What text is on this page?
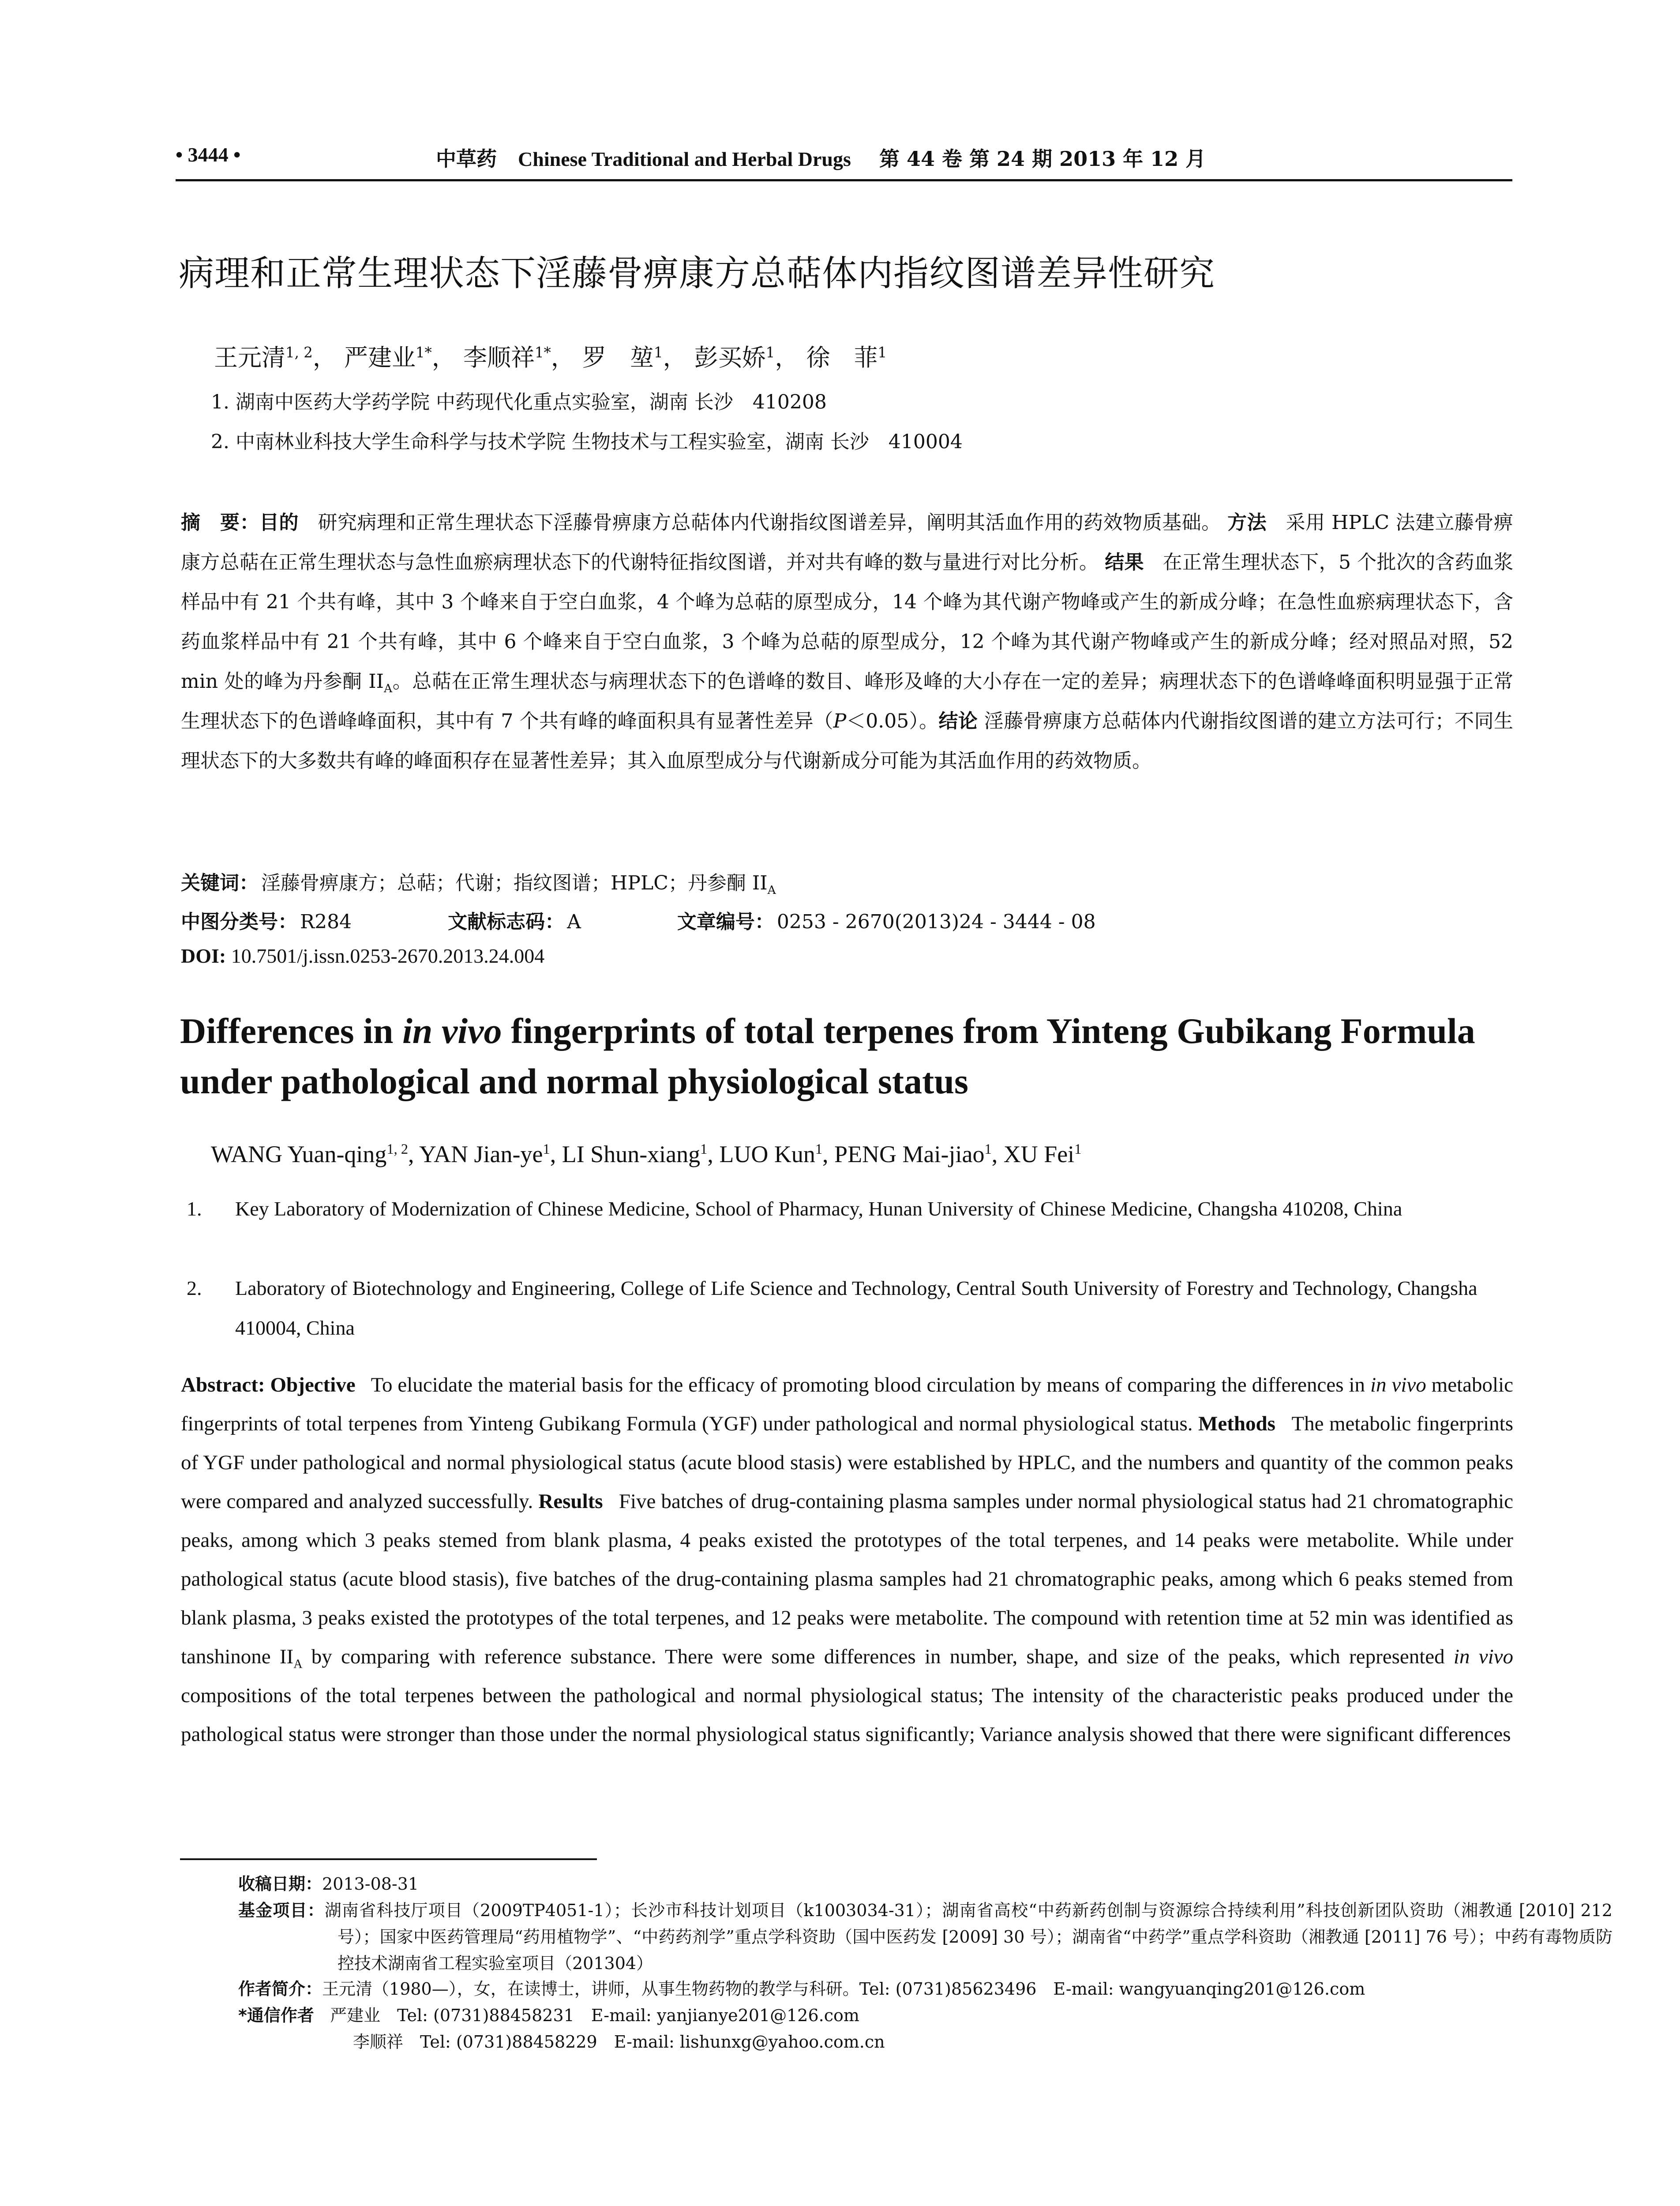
• 3444 •	中草药 Chinese Traditional and Herbal Drugs 第 44 卷 第 24 期 2013 年 12 月
病理和正常生理状态下淫藤骨痹康方总萜体内指纹图谱差异性研究
王元清$^{1, 2}$， 严建业$^{1*}$， 李顺祥$^{1*}$， 罗　堃$^1$， 彭买娇$^1$， 徐　菲$^1$
1. 湖南中医药大学药学院 中药现代化重点实验室，湖南 长沙　410208
2. 中南林业科技大学生命科学与技术学院 生物技术与工程实验室，湖南 长沙　410004
摘　要：目的 研究病理和正常生理状态下淫藤骨痹康方总萜体内代谢指纹图谱差异，阐明其活血作用的药效物质基础。 方法 采用 HPLC 法建立藤骨痹康方总萜在正常生理状态与急性血瘀病理状态下的代谢特征指纹图谱，并对共有峰的数与量进行对比分析。 结果 在正常生理状态下，5 个批次的含药血浆样品中有 21 个共有峰，其中 3 个峰来自于空白血浆，4 个峰为总萜的原型成分，14 个峰为其代谢产物峰或产生的新成分峰；在急性血瘀病理状态下，含药血浆样品中有 21 个共有峰，其中 6 个峰来自于空白血浆，3 个峰为总萜的原型成分，12 个峰为其代谢产物峰或产生的新成分峰；经对照品对照，52 min 处的峰为丹参酮 $II_A$。总萜在正常生理状态与病理状态下的色谱峰的数目、峰形及峰的大小存在一定的差异；病理状态下的色谱峰峰面积明显强于正常生理状态下的色谱峰峰面积，其中有 7 个共有峰的峰面积具有显著性差异（P＜0.05）。结论 淫藤骨痹康方总萜体内代谢指纹图谱的建立方法可行；不同生理状态下的大多数共有峰的峰面积存在显著性差异；其入血原型成分与代谢新成分可能为其活血作用的药效物质。
关键词： 淫藤骨痹康方；总萜；代谢；指纹图谱；HPLC；丹参酮 $II_A$
中图分类号： R284	文献标志码： A	文章编号： 0253 - 2670(2013)24 - 3444 - 08
DOI: 10.7501/j.issn.0253-2670.2013.24.004
Differences in in vivo fingerprints of total terpenes from Yinteng Gubikang Formula under pathological and normal physiological status
WANG Yuan-qing$^{1, 2}$, YAN Jian-$ye^1$, LI Shun-xiang$^1$, LUO Kun$^1$, PENG Mai-jiao$^1$, XU Fei$^1$
1. Key Laboratory of Modernization of Chinese Medicine, School of Pharmacy, Hunan University of Chinese Medicine, Changsha 410208, China
2. Laboratory of Biotechnology and Engineering, College of Life Science and Technology, Central South University of Forestry and Technology, Changsha 410004, China
Abstract: Objective To elucidate the material basis for the efficacy of promoting blood circulation by means of comparing the differences in in vivo metabolic fingerprints of total terpenes from Yinteng Gubikang Formula (YGF) under pathological and normal physiological status. Methods The metabolic fingerprints of YGF under pathological and normal physiological status (acute blood stasis) were established by HPLC, and the numbers and quantity of the common peaks were compared and analyzed successfully. Results Five batches of drug-containing plasma samples under normal physiological status had 21 chromatographic peaks, among which 3 peaks stemed from blank plasma, 4 peaks existed the prototypes of the total terpenes, and 14 peaks were metabolite. While under pathological status (acute blood stasis), five batches of the drug-containing plasma samples had 21 chromatographic peaks, among which 6 peaks stemed from blank plasma, 3 peaks existed the prototypes of the total terpenes, and 12 peaks were metabolite. The compound with retention time at 52 min was identified as tanshinone $II_A$ by comparing with reference substance. There were some differences in number, shape, and size of the peaks, which represented in vivo compositions of the total terpenes between the pathological and normal physiological status; The intensity of the characteristic peaks produced under the pathological status were stronger than those under the normal physiological status significantly; Variance analysis showed that there were significant differences
收稿日期：2013-08-31
基金项目：湖南省科技厅项目（2009TP4051-1）；长沙市科技计划项目（k1003034-31）；湖南省高校“中药新药创制与资源综合持续利用”科技创新团队资助（湘教通 [2010] 212 号）；国家中医药管理局“药用植物学”、“中药药剂学”重点学科资助（国中医药发 [2009] 30 号）；湖南省“中药学”重点学科资助（湘教通 [2011] 76 号）；中药有毒物质防控技术湖南省工程实验室项目（201304）
作者简介：王元清（1980—），女，在读博士，讲师，从事生物药物的教学与科研。Tel: (0731)85623496　E-mail: wangyuanqing201@126.com
*通信作者 严建业　Tel: (0731)88458231　E-mail: yanjianye201@126.com
李顺祥　Tel: (0731)88458229　E-mail: lishunxg@yahoo.com.cn
